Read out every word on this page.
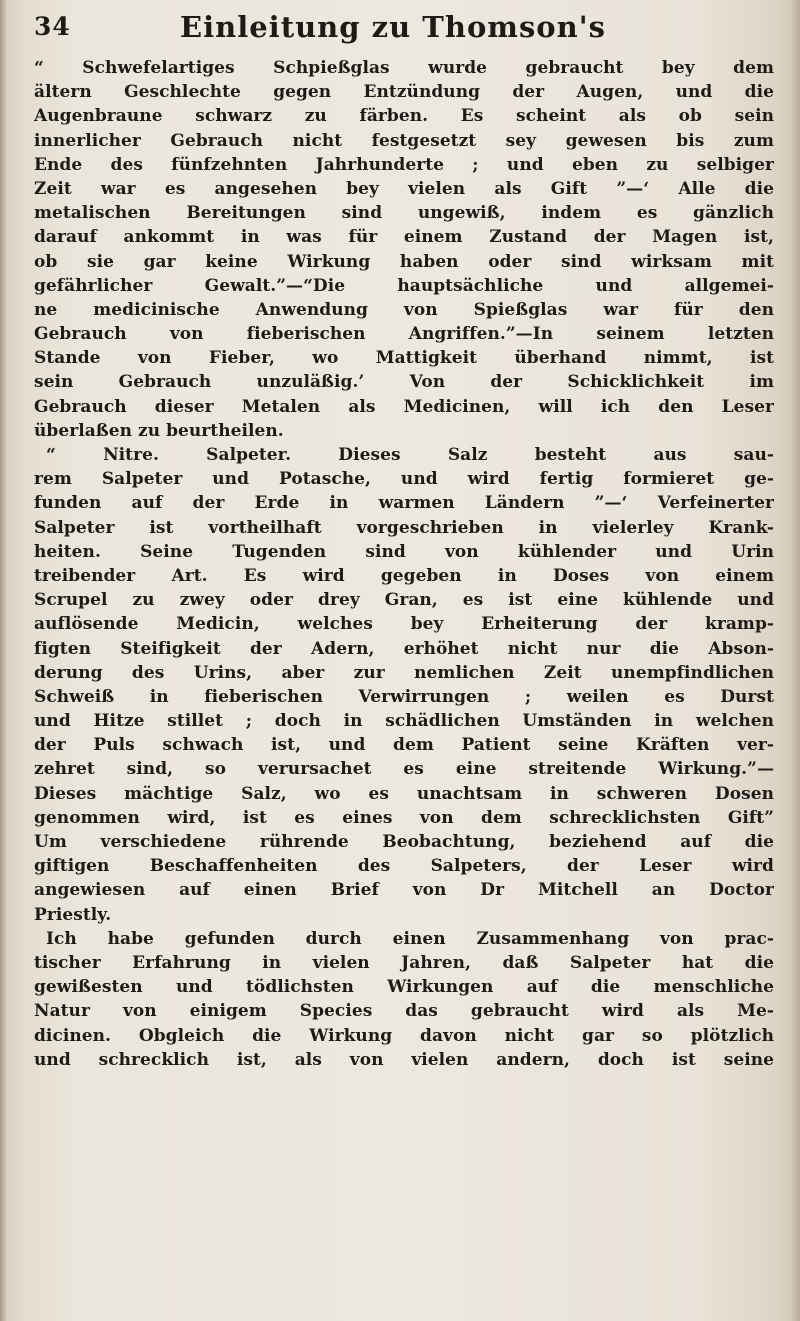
34	Einleitung zu Thomson's
“ Schwefelartiges Schpießglas wurde gebraucht bey dem
ältern Geschlechte gegen Entzündung der Augen, und die
Augenbraune schwarz zu färben. Es scheint als ob sein
innerlicher Gebrauch nicht festgesetzt sey gewesen bis zum
Ende des fünfzehnten Jahrhunderte ; und eben zu selbiger
Zeit war es angesehen bey vielen als Gift ”—‘ Alle die
metalischen Bereitungen sind ungewiß, indem es gänzlich
darauf ankommt in was für einem Zustand der Magen ist,
ob sie gar keine Wirkung haben oder sind wirksam mit
gefährlicher Gewalt.”—“Die hauptsächliche und allgemei-
ne medicinische Anwendung von Spießglas war für den
Gebrauch von fieberischen Angriffen.”—In seinem letzten
Stande von Fieber, wo Mattigkeit überhand nimmt, ist
sein Gebrauch unzuläßig.’ Von der Schicklichkeit im
Gebrauch dieser Metalen als Medicinen, will ich den Leser
überlaßen zu beurtheilen.
“ Nitre. Salpeter. Dieses Salz besteht aus sau-
rem Salpeter und Potasche, und wird fertig formieret ge-
funden auf der Erde in warmen Ländern ”—‘ Verfeinerter
Salpeter ist vortheilhaft vorgeschrieben in vielerley Krank-
heiten. Seine Tugenden sind von kühlender und Urin
treibender Art. Es wird gegeben in Doses von einem
Scrupel zu zwey oder drey Gran, es ist eine kühlende und
auflösende Medicin, welches bey Erheiterung der kramp-
figten Steifigkeit der Adern, erhöhet nicht nur die Abson-
derung des Urins, aber zur nemlichen Zeit unempfindlichen
Schweiß in fieberischen Verwirrungen ; weilen es Durst
und Hitze stillet ; doch in schädlichen Umständen in welchen
der Puls schwach ist, und dem Patient seine Kräften ver-
zehret sind, so verursachet es eine streitende Wirkung.”—
Dieses mächtige Salz, wo es unachtsam in schweren Dosen
genommen wird, ist es eines von dem schrecklichsten Gift”
Um verschiedene rührende Beobachtung, beziehend auf die
giftigen Beschaffenheiten des Salpeters, der Leser wird
angewiesen auf einen Brief von Dr Mitchell an Doctor
Priestly.
Ich habe gefunden durch einen Zusammenhang von prac-
tischer Erfahrung in vielen Jahren, daß Salpeter hat die
gewißesten und tödlichsten Wirkungen auf die menschliche
Natur von einigem Species das gebraucht wird als Me-
dicinen. Obgleich die Wirkung davon nicht gar so plötzlich
und schrecklich ist, als von vielen andern, doch ist seine
